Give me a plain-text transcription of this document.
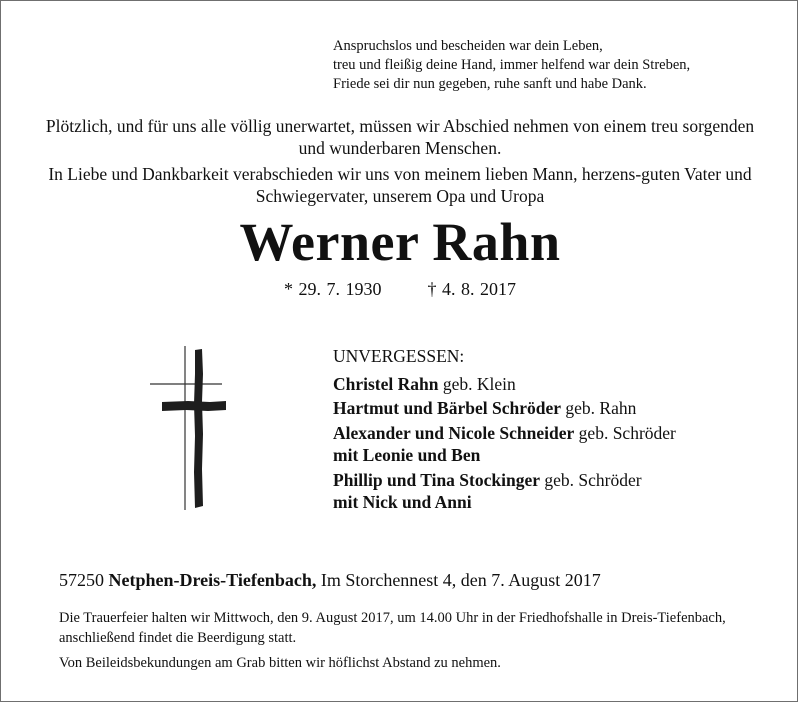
Anspruchslos und bescheiden war dein Leben,
treu und fleißig deine Hand, immer helfend war dein Streben,
Friede sei dir nun gegeben, ruhe sanft und habe Dank.

Plötzlich, und für uns alle völlig unerwartet, müssen wir Abschied nehmen von einem treu sorgenden und wunderbaren Menschen.

In Liebe und Dankbarkeit verabschieden wir uns von meinem lieben Mann, herzens-guten Vater und Schwiegervater, unserem Opa und Uropa

Werner Rahn
* 29. 7. 1930	† 4. 8. 2017
UNVERGESSEN:
Christel Rahn geb. Klein
Hartmut und Bärbel Schröder geb. Rahn
Alexander und Nicole Schneider geb. Schröder
mit Leonie und Ben
Phillip und Tina Stockinger geb. Schröder
mit Nick und Anni
57250 Netphen-Dreis-Tiefenbach, Im Storchennest 4, den 7. August 2017

Die Trauerfeier halten wir Mittwoch, den 9. August 2017, um 14.00 Uhr in der Friedhofshalle in Dreis-Tiefenbach, anschließend findet die Beerdigung statt.

Von Beileidsbekundungen am Grab bitten wir höflichst Abstand zu nehmen.
